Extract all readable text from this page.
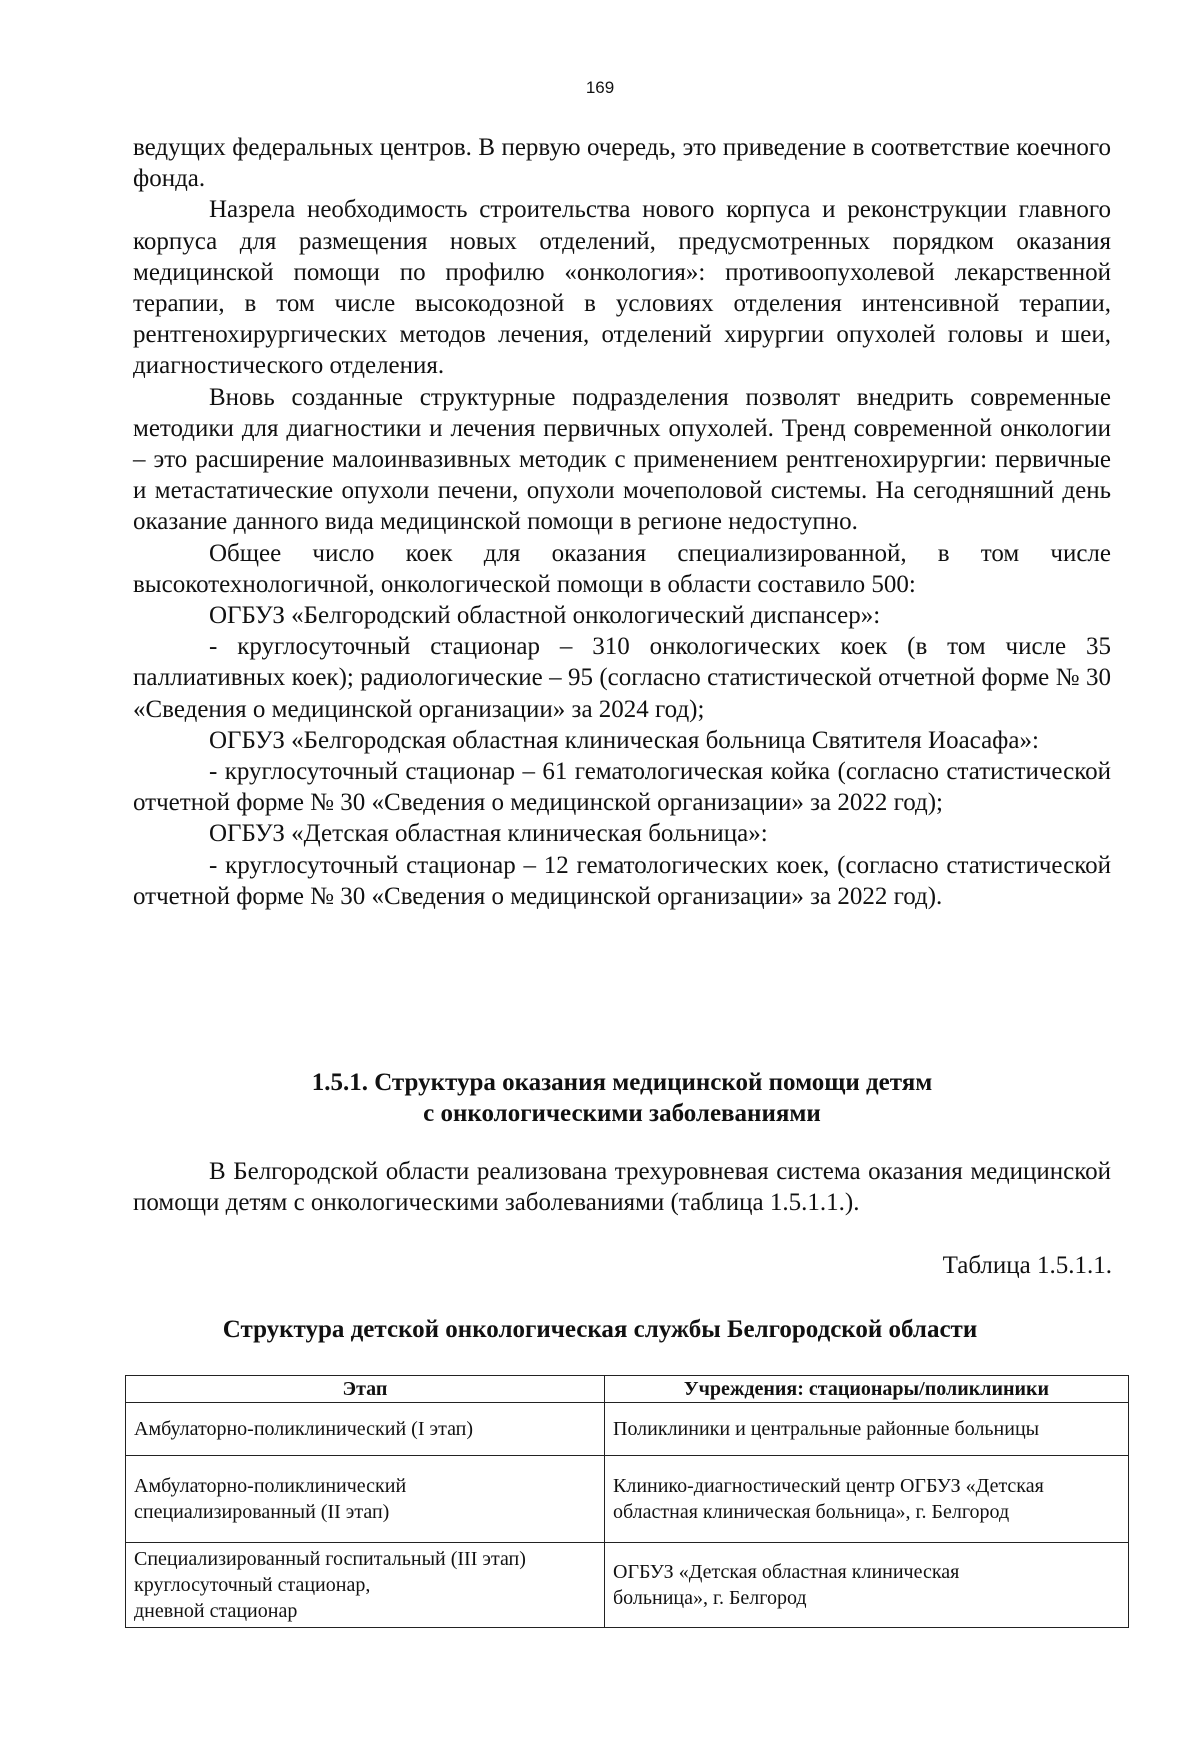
169

ведущих федеральных центров. В первую очередь, это приведение в соответствие коечного фонда.

Назрела необходимость строительства нового корпуса и реконструкции главного корпуса для размещения новых отделений, предусмотренных порядком оказания медицинской помощи по профилю «онкология»: противоопухолевой лекарственной терапии, в том числе высокодозной в условиях отделения интенсивной терапии, рентгенохирургических методов лечения, отделений хирургии опухолей головы и шеи, диагностического отделения.

Вновь созданные структурные подразделения позволят внедрить современные методики для диагностики и лечения первичных опухолей. Тренд современной онкологии – это расширение малоинвазивных методик с применением рентгенохирургии: первичные и метастатические опухоли печени, опухоли мочеполовой системы. На сегодняшний день оказание данного вида медицинской помощи в регионе недоступно.

Общее число коек для оказания специализированной, в том числе высокотехнологичной, онкологической помощи в области составило 500:

ОГБУЗ «Белгородский областной онкологический диспансер»:

- круглосуточный стационар – 310 онкологических коек (в том числе 35 паллиативных коек); радиологические – 95 (согласно статистической отчетной форме № 30 «Сведения о медицинской организации» за 2024 год);

ОГБУЗ «Белгородская областная клиническая больница Святителя Иоасафа»:

- круглосуточный стационар – 61 гематологическая койка (согласно статистической отчетной форме № 30 «Сведения о медицинской организации» за 2022 год);

ОГБУЗ «Детская областная клиническая больница»:

- круглосуточный стационар – 12 гематологических коек, (согласно статистической отчетной форме № 30 «Сведения о медицинской организации» за 2022 год).

1.5.1. Структура оказания медицинской помощи детям
с онкологическими заболеваниями

В Белгородской области реализована трехуровневая система оказания медицинской помощи детям с онкологическими заболеваниями (таблица 1.5.1.1.).

Таблица 1.5.1.1.

Структура детской онкологическая службы Белгородской области

Этап	Учреждения: стационары/поликлиники

Амбулаторно-поликлинический (I этап)	Поликлиники и центральные районные больницы

Амбулаторно-поликлинический
специализированный (II этап)	Клинико-диагностический центр ОГБУЗ «Детская
областная клиническая больница», г. Белгород

Специализированный госпитальный (III этап)
круглосуточный стационар,
дневной стационар	ОГБУЗ «Детская областная клиническая
больница», г. Белгород
